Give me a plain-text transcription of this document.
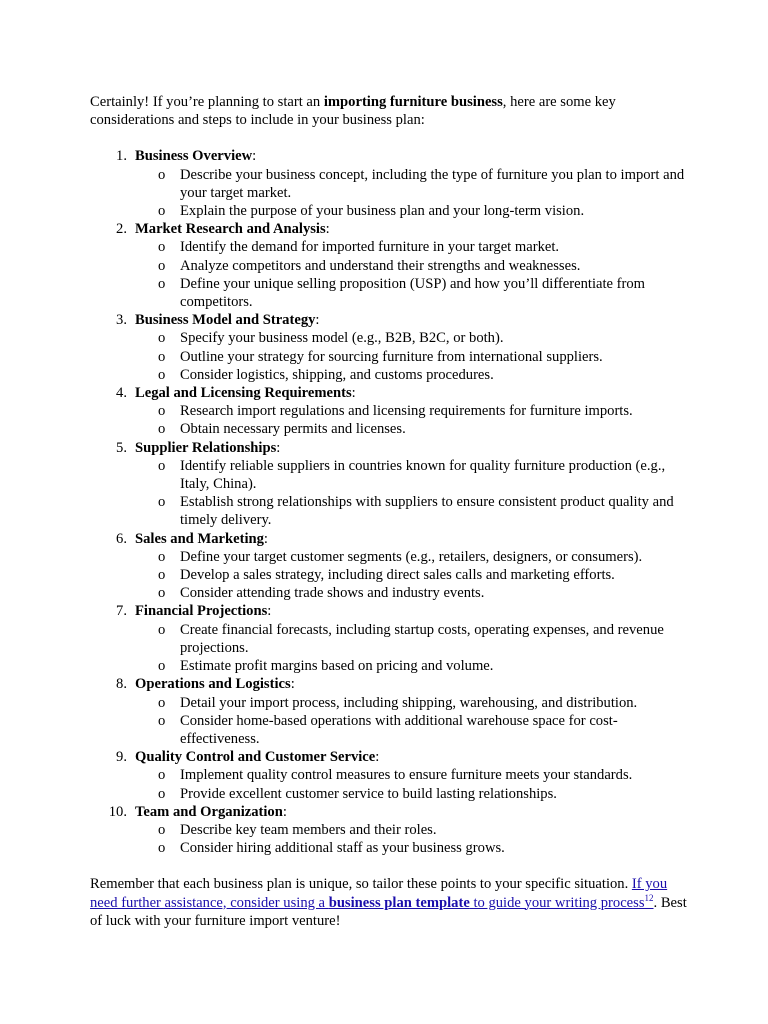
Certainly! If you’re planning to start an importing furniture business, here are some key considerations and steps to include in your business plan:

1. Business Overview:
o Describe your business concept, including the type of furniture you plan to import and your target market.
o Explain the purpose of your business plan and your long-term vision.
2. Market Research and Analysis:
o Identify the demand for imported furniture in your target market.
o Analyze competitors and understand their strengths and weaknesses.
o Define your unique selling proposition (USP) and how you’ll differentiate from competitors.
3. Business Model and Strategy:
o Specify your business model (e.g., B2B, B2C, or both).
o Outline your strategy for sourcing furniture from international suppliers.
o Consider logistics, shipping, and customs procedures.
4. Legal and Licensing Requirements:
o Research import regulations and licensing requirements for furniture imports.
o Obtain necessary permits and licenses.
5. Supplier Relationships:
o Identify reliable suppliers in countries known for quality furniture production (e.g., Italy, China).
o Establish strong relationships with suppliers to ensure consistent product quality and timely delivery.
6. Sales and Marketing:
o Define your target customer segments (e.g., retailers, designers, or consumers).
o Develop a sales strategy, including direct sales calls and marketing efforts.
o Consider attending trade shows and industry events.
7. Financial Projections:
o Create financial forecasts, including startup costs, operating expenses, and revenue projections.
o Estimate profit margins based on pricing and volume.
8. Operations and Logistics:
o Detail your import process, including shipping, warehousing, and distribution.
o Consider home-based operations with additional warehouse space for cost-effectiveness.
9. Quality Control and Customer Service:
o Implement quality control measures to ensure furniture meets your standards.
o Provide excellent customer service to build lasting relationships.
10. Team and Organization:
o Describe key team members and their roles.
o Consider hiring additional staff as your business grows.

Remember that each business plan is unique, so tailor these points to your specific situation. If you need further assistance, consider using a business plan template to guide your writing process$^{12}$. Best of luck with your furniture import venture!
